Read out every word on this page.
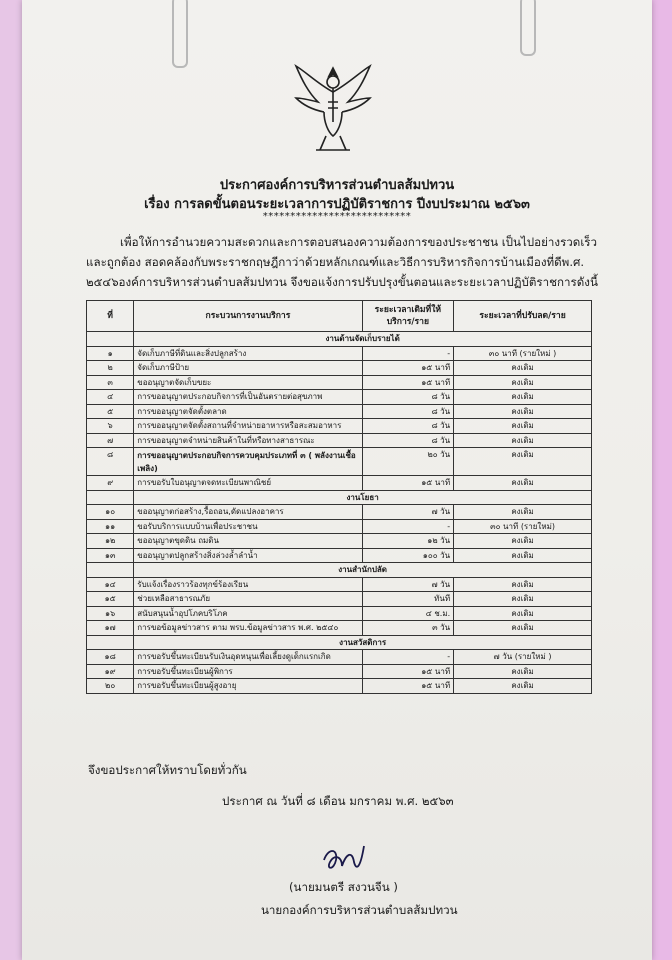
ประกาศองค์การบริหารส่วนตำบลส้มปทวน
เรื่อง การลดขั้นตอนระยะเวลาการปฏิบัติราชการ ปีงบประมาณ ๒๕๖๓
***************************
เพื่อให้การอำนวยความสะดวกและการตอบสนองความต้องการของประชาชน เป็นไปอย่างรวดเร็ว
และถูกต้อง สอดคล้องกับพระราชกฤษฎีกาว่าด้วยหลักเกณฑ์และวิธีการบริหารกิจการบ้านเมืองที่ดีพ.ศ.
๒๕๔๖องค์การบริหารส่วนตำบลส้มปทวน จึงขอแจ้งการปรับปรุงขั้นตอนและระยะเวลาปฏิบัติราชการดังนี้
ที่	กระบวนการงานบริการ	ระยะเวลาเดิมที่ให้บริการ/ราย	ระยะเวลาที่ปรับลด/ราย
	งานด้านจัดเก็บรายได้		
๑	จัดเก็บภาษีที่ดินและสิ่งปลูกสร้าง	-	๓๐ นาที (รายใหม่ )
๒	จัดเก็บภาษีป้าย	๑๕ นาที	คงเดิม
๓	ขออนุญาตจัดเก็บขยะ	๑๕ นาที	คงเดิม
๔	การขออนุญาตประกอบกิจการที่เป็นอันตรายต่อสุขภาพ	๘ วัน	คงเดิม
๕	การขออนุญาตจัดตั้งตลาด	๘ วัน	คงเดิม
๖	การขออนุญาตจัดตั้งสถานที่จำหน่ายอาหารหรือสะสมอาหาร	๘ วัน	คงเดิม
๗	การขออนุญาตจำหน่ายสินค้าในที่หรือทางสาธารณะ	๘ วัน	คงเดิม
๘	การขออนุญาตประกอบกิจการควบคุมประเภทที่ ๓ ( พลังงานเชื้อเพลิง)	๒๐ วัน	คงเดิม
๙	การขอรับใบอนุญาตจดทะเบียนพาณิชย์	๑๕ นาที	คงเดิม
	งานโยธา		
๑๐	ขออนุญาตก่อสร้าง,รื้อถอน,ดัดแปลงอาคาร	๗ วัน	คงเดิม
๑๑	ขอรับบริการแบบบ้านเพื่อประชาชน	-	๓๐ นาที (รายใหม่)
๑๒	ขออนุญาตขุดดิน ถมดิน	๑๒ วัน	คงเดิม
๑๓	ขออนุญาตปลูกสร้างสิ่งล่วงล้ำลำน้ำ	๑๐๐ วัน	คงเดิม
	งานสำนักปลัด		
๑๔	รับแจ้งเรื่องราวร้องทุกข์ร้องเรียน	๗ วัน	คงเดิม
๑๕	ช่วยเหลือสาธารณภัย	ทันที	คงเดิม
๑๖	สนับสนุนน้ำอุปโภคบริโภค	๔ ช.ม.	คงเดิม
๑๗	การขอข้อมูลข่าวสาร ตาม พรบ.ข้อมูลข่าวสาร พ.ศ. ๒๕๔๐	๓ วัน	คงเดิม
	งานสวัสดิการ		
๑๘	การขอรับขึ้นทะเบียนรับเงินอุดหนุนเพื่อเลี้ยงดูเด็กแรกเกิด	-	๗ วัน (รายใหม่ )
๑๙	การขอรับขึ้นทะเบียนผู้พิการ	๑๕ นาที	คงเดิม
๒๐	การขอรับขึ้นทะเบียนผู้สูงอายุ	๑๕ นาที	คงเดิม
จึงขอประกาศให้ทราบโดยทั่วกัน
ประกาศ ณ วันที่ ๘ เดือน มกราคม พ.ศ. ๒๕๖๓
(นายมนตรี สงวนจีน )
นายกองค์การบริหารส่วนตำบลส้มปทวน
